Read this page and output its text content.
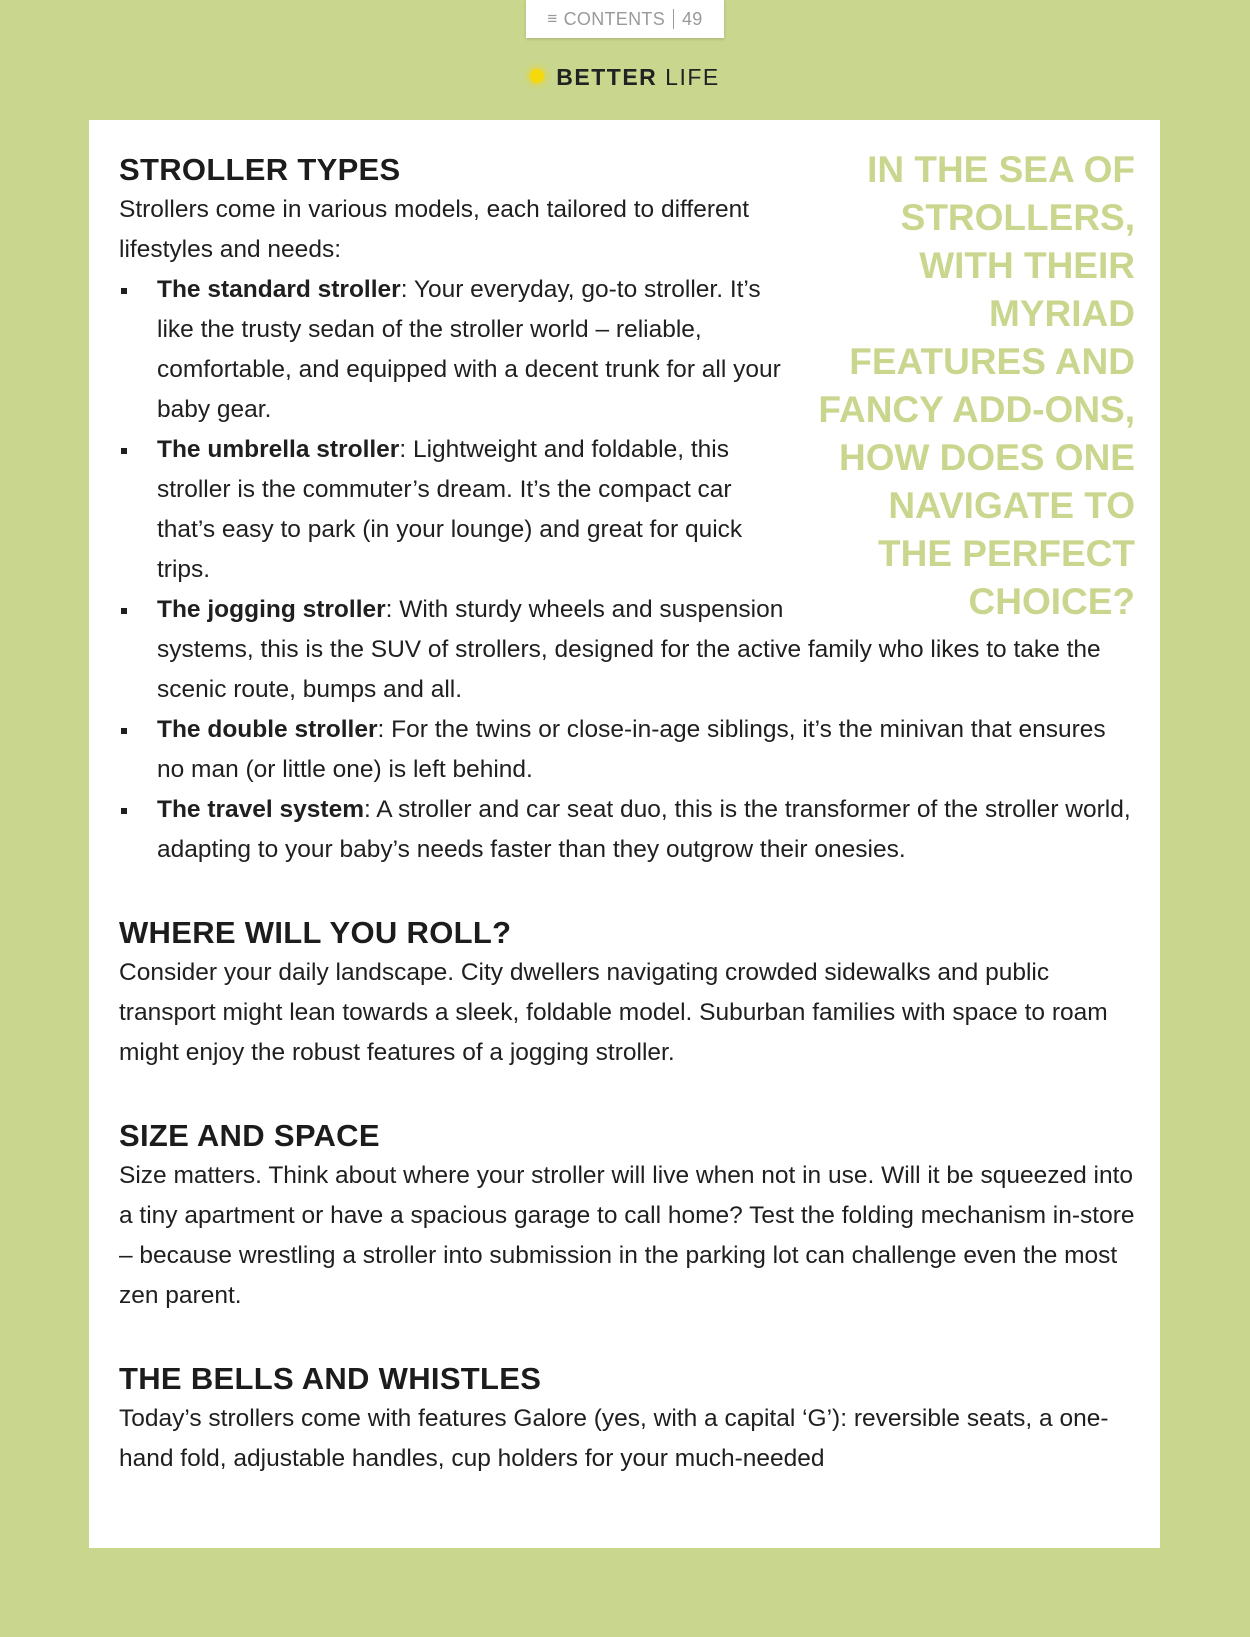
≡ CONTENTS 49
BETTER LIFE
IN THE SEA OF STROLLERS, WITH THEIR MYRIAD FEATURES AND FANCY ADD-ONS, HOW DOES ONE NAVIGATE TO THE PERFECT CHOICE?
STROLLER TYPES

Strollers come in various models, each tailored to different lifestyles and needs:

The standard stroller: Your everyday, go-to stroller. It’s like the trusty sedan of the stroller world – reliable, comfortable, and equipped with a decent trunk for all your baby gear.
The umbrella stroller: Lightweight and foldable, this stroller is the commuter’s dream. It’s the compact car that’s easy to park (in your lounge) and great for quick trips.
The jogging stroller: With sturdy wheels and suspension systems, this is the SUV of strollers, designed for the active family who likes to take the scenic route, bumps and all.
The double stroller: For the twins or close-in-age siblings, it’s the minivan that ensures no man (or little one) is left behind.
The travel system: A stroller and car seat duo, this is the transformer of the stroller world, adapting to your baby’s needs faster than they outgrow their onesies.
WHERE WILL YOU ROLL?

Consider your daily landscape. City dwellers navigating crowded sidewalks and public transport might lean towards a sleek, foldable model. Suburban families with space to roam might enjoy the robust features of a jogging stroller.

SIZE AND SPACE

Size matters. Think about where your stroller will live when not in use. Will it be squeezed into a tiny apartment or have a spacious garage to call home? Test the folding mechanism in-store – because wrestling a stroller into submission in the parking lot can challenge even the most zen parent.

THE BELLS AND WHISTLES

Today’s strollers come with features Galore (yes, with a capital ‘G’): reversible seats, a one-hand fold, adjustable handles, cup holders for your much-needed
